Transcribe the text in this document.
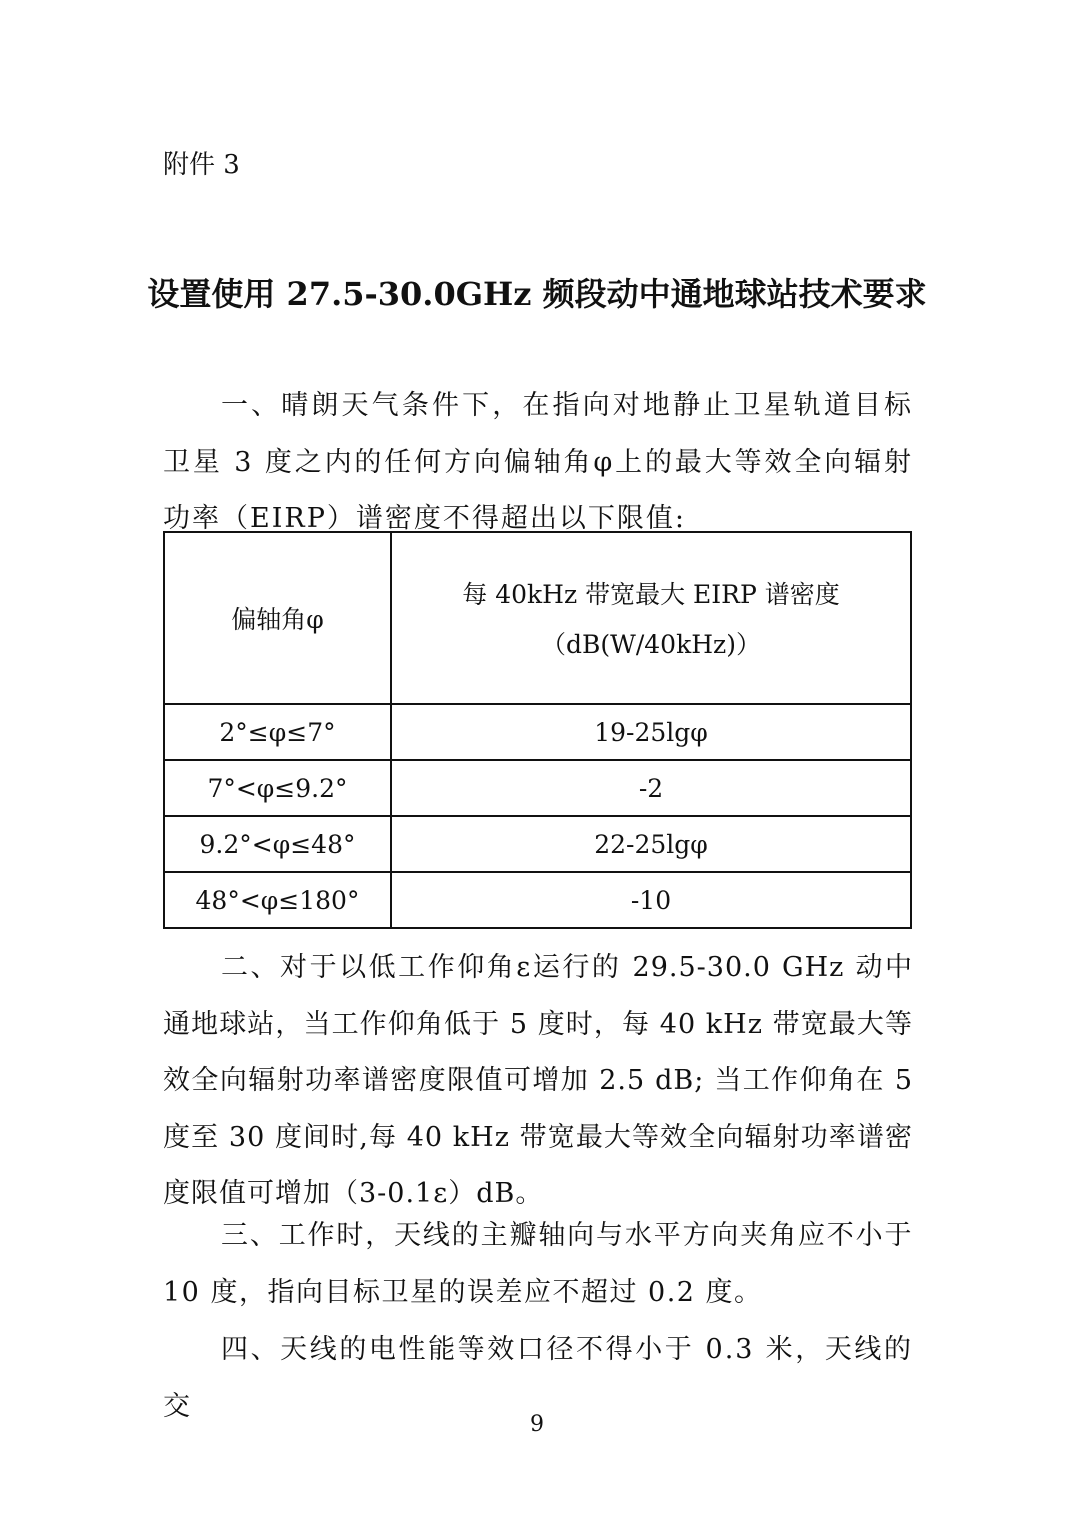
附件 3
设置使用 27.5-30.0GHz 频段动中通地球站技术要求

一、晴朗天气条件下，在指向对地静止卫星轨道目标卫星 3 度之内的任何方向偏轴角φ上的最大等效全向辐射功率（EIRP）谱密度不得超出以下限值:

偏轴角φ	每 40kHz 带宽最大 EIRP 谱密度
（dB(W/40kHz)）

2°≤φ≤7°	19-25lgφ
7°<φ≤9.2°	-2
9.2°<φ≤48°	22-25lgφ
48°<φ≤180°	-10

二、对于以低工作仰角ε运行的 29.5-30.0 GHz 动中通地球站，当工作仰角低于 5 度时，每 40 kHz 带宽最大等效全向辐射功率谱密度限值可增加 2.5 dB; 当工作仰角在 5 度至 30 度间时,每 40 kHz 带宽最大等效全向辐射功率谱密度限值可增加（3-0.1ε）dB。

三、工作时，天线的主瓣轴向与水平方向夹角应不小于 10 度，指向目标卫星的误差应不超过 0.2 度。

四、天线的电性能等效口径不得小于 0.3 米，天线的交

9
